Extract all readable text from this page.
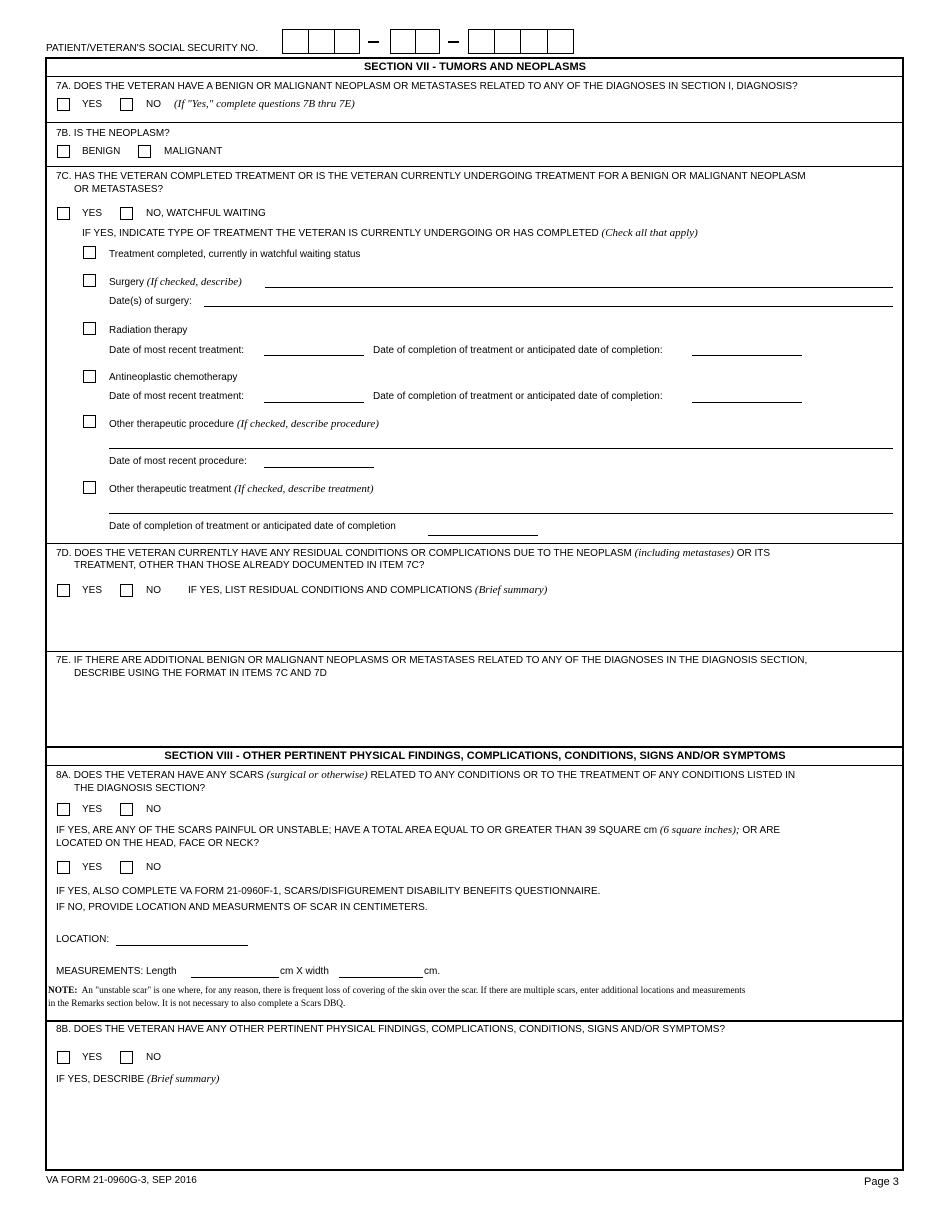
PATIENT/VETERAN'S SOCIAL SECURITY NO.
SECTION VII - TUMORS AND NEOPLASMS
7A. DOES THE VETERAN HAVE A BENIGN OR MALIGNANT NEOPLASM OR METASTASES RELATED TO ANY OF THE DIAGNOSES IN SECTION I, DIAGNOSIS?
YES	NO (If "Yes," complete questions 7B thru 7E)
7B. IS THE NEOPLASM?
BENIGN	MALIGNANT
7C. HAS THE VETERAN COMPLETED TREATMENT OR IS THE VETERAN CURRENTLY UNDERGOING TREATMENT FOR A BENIGN OR MALIGNANT NEOPLASM
OR METASTASES?
YES	NO, WATCHFUL WAITING
IF YES, INDICATE TYPE OF TREATMENT THE VETERAN IS CURRENTLY UNDERGOING OR HAS COMPLETED (Check all that apply)
Treatment completed, currently in watchful waiting status
Surgery (If checked, describe)
Date(s) of surgery:
Radiation therapy
Date of most recent treatment:	Date of completion of treatment or anticipated date of completion:
Antineoplastic chemotherapy
Date of most recent treatment:	Date of completion of treatment or anticipated date of completion:
Other therapeutic procedure (If checked, describe procedure)
Date of most recent procedure:
Other therapeutic treatment (If checked, describe treatment)
Date of completion of treatment or anticipated date of completion
7D. DOES THE VETERAN CURRENTLY HAVE ANY RESIDUAL CONDITIONS OR COMPLICATIONS DUE TO THE NEOPLASM (including metastases) OR ITS
TREATMENT, OTHER THAN THOSE ALREADY DOCUMENTED IN ITEM 7C?
YES	NO	IF YES, LIST RESIDUAL CONDITIONS AND COMPLICATIONS (Brief summary)
7E. IF THERE ARE ADDITIONAL BENIGN OR MALIGNANT NEOPLASMS OR METASTASES RELATED TO ANY OF THE DIAGNOSES IN THE DIAGNOSIS SECTION,
DESCRIBE USING THE FORMAT IN ITEMS 7C AND 7D
SECTION VIII - OTHER PERTINENT PHYSICAL FINDINGS, COMPLICATIONS, CONDITIONS, SIGNS AND/OR SYMPTOMS
8A. DOES THE VETERAN HAVE ANY SCARS (surgical or otherwise) RELATED TO ANY CONDITIONS OR TO THE TREATMENT OF ANY CONDITIONS LISTED IN
THE DIAGNOSIS SECTION?
YES	NO
IF YES, ARE ANY OF THE SCARS PAINFUL OR UNSTABLE; HAVE A TOTAL AREA EQUAL TO OR GREATER THAN 39 SQUARE cm (6 square inches); OR ARE
LOCATED ON THE HEAD, FACE OR NECK?
YES	NO
IF YES, ALSO COMPLETE VA FORM 21-0960F-1, SCARS/DISFIGUREMENT DISABILITY BENEFITS QUESTIONNAIRE.
IF NO, PROVIDE LOCATION AND MEASURMENTS OF SCAR IN CENTIMETERS.
LOCATION:
MEASUREMENTS: Length	cm X width	cm.
NOTE: An "unstable scar" is one where, for any reason, there is frequent loss of covering of the skin over the scar. If there are multiple scars, enter additional locations and measurements
in the Remarks section below. It is not necessary to also complete a Scars DBQ.
8B. DOES THE VETERAN HAVE ANY OTHER PERTINENT PHYSICAL FINDINGS, COMPLICATIONS, CONDITIONS, SIGNS AND/OR SYMPTOMS?
YES	NO
IF YES, DESCRIBE (Brief summary)
VA FORM 21-0960G-3, SEP 2016	Page 3
